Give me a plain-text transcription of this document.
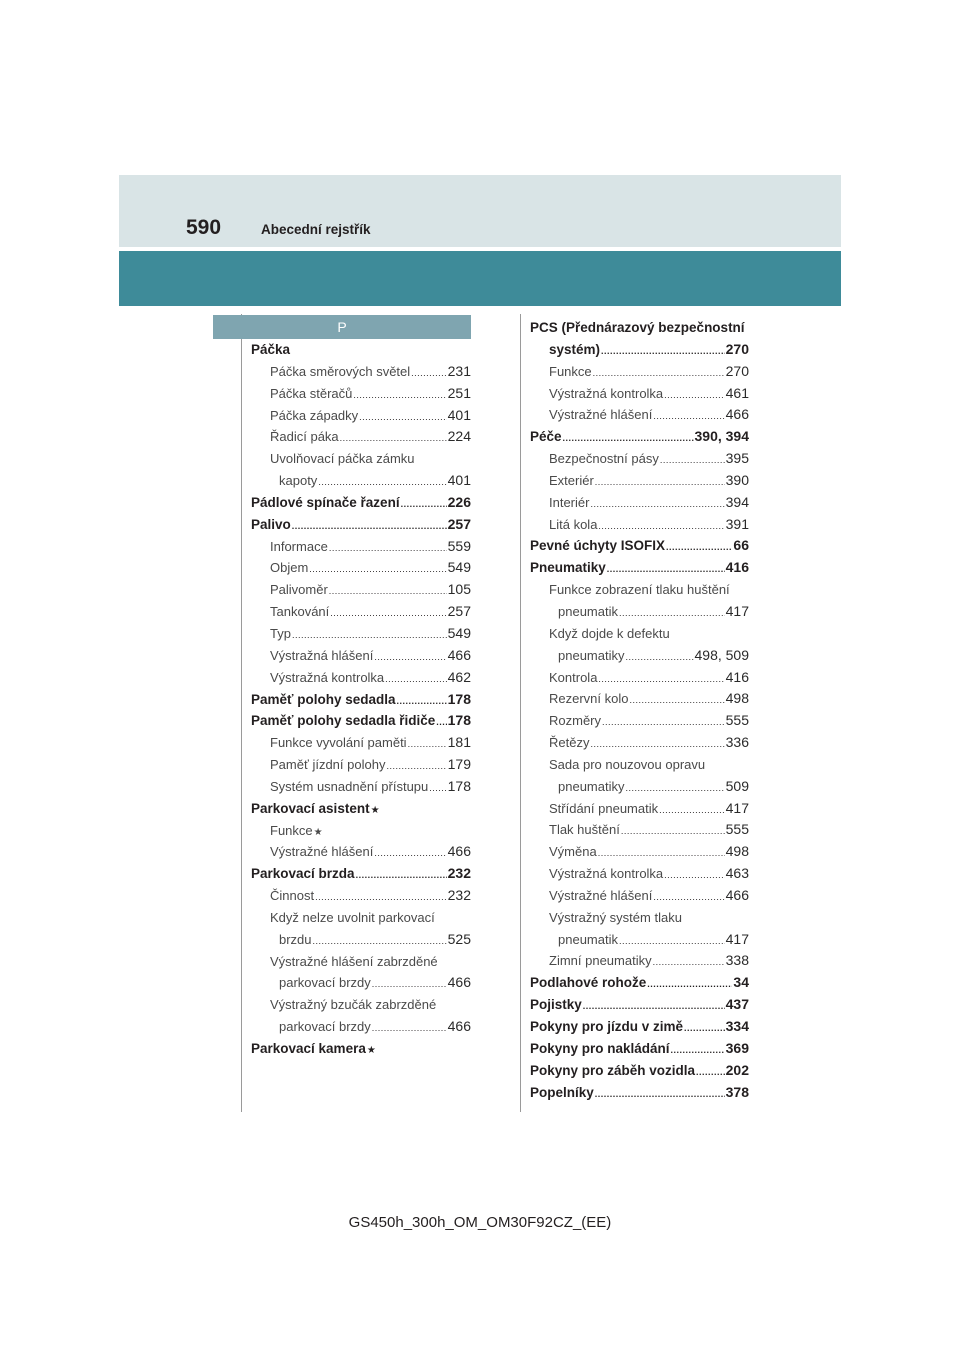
590	Abecední rejstřík
P
Páčka
Páčka směrových světel .....	231
Páčka stěračů .....	251
Páčka západky .....	401
Řadicí páka .....	224
Uvolňovací páčka zámku
kapoty .....	401
Pádlové spínače řazení .....	226
Palivo .....	257
Informace .....	559
Objem .....	549
Palivoměr .....	105
Tankování .....	257
Typ .....	549
Výstražná hlášení .....	466
Výstražná kontrolka .....	462
Paměť polohy sedadla .....	178
Paměť polohy sedadla řidiče ..... 178
Funkce vyvolání paměti .....	181
Paměť jízdní polohy .....	179
Systém usnadnění přístupu ..... 178
Parkovací asistent ★
Funkce ★
Výstražné hlášení .....	466
Parkovací brzda .....	232
Činnost .....	232
Když nelze uvolnit parkovací
brzdu .....	525
Výstražné hlášení zabrzděné
parkovací brzdy .....	466
Výstražný bzučák zabrzděné
parkovací brzdy .....	466
Parkovací kamera ★
PCS (Přednárazový bezpečnostní
systém) .....	270
Funkce .....	270
Výstražná kontrolka .....	461
Výstražné hlášení .....	466
Péče .....	390, 394
Bezpečnostní pásy .....	395
Exteriér .....	390
Interiér .....	394
Litá kola .....	391
Pevné úchyty ISOFIX .....	66
Pneumatiky .....	416
Funkce zobrazení tlaku huštění
pneumatik .....	417
Když dojde k defektu
pneumatiky .....	498, 509
Kontrola .....	416
Rezervní kolo .....	498
Rozměry .....	555
Řetězy .....	336
Sada pro nouzovou opravu
pneumatiky .....	509
Střídání pneumatik .....	417
Tlak huštění .....	555
Výměna .....	498
Výstražná kontrolka .....	463
Výstražné hlášení .....	466
Výstražný systém tlaku
pneumatik .....	417
Zimní pneumatiky .....	338
Podlahové rohože .....	34
Pojistky .....	437
Pokyny pro jízdu v zimě .....	334
Pokyny pro nakládání .....	369
Pokyny pro záběh vozidla ..... 202
Popelníky .....	378
GS450h_300h_OM_OM30F92CZ_(EE)
